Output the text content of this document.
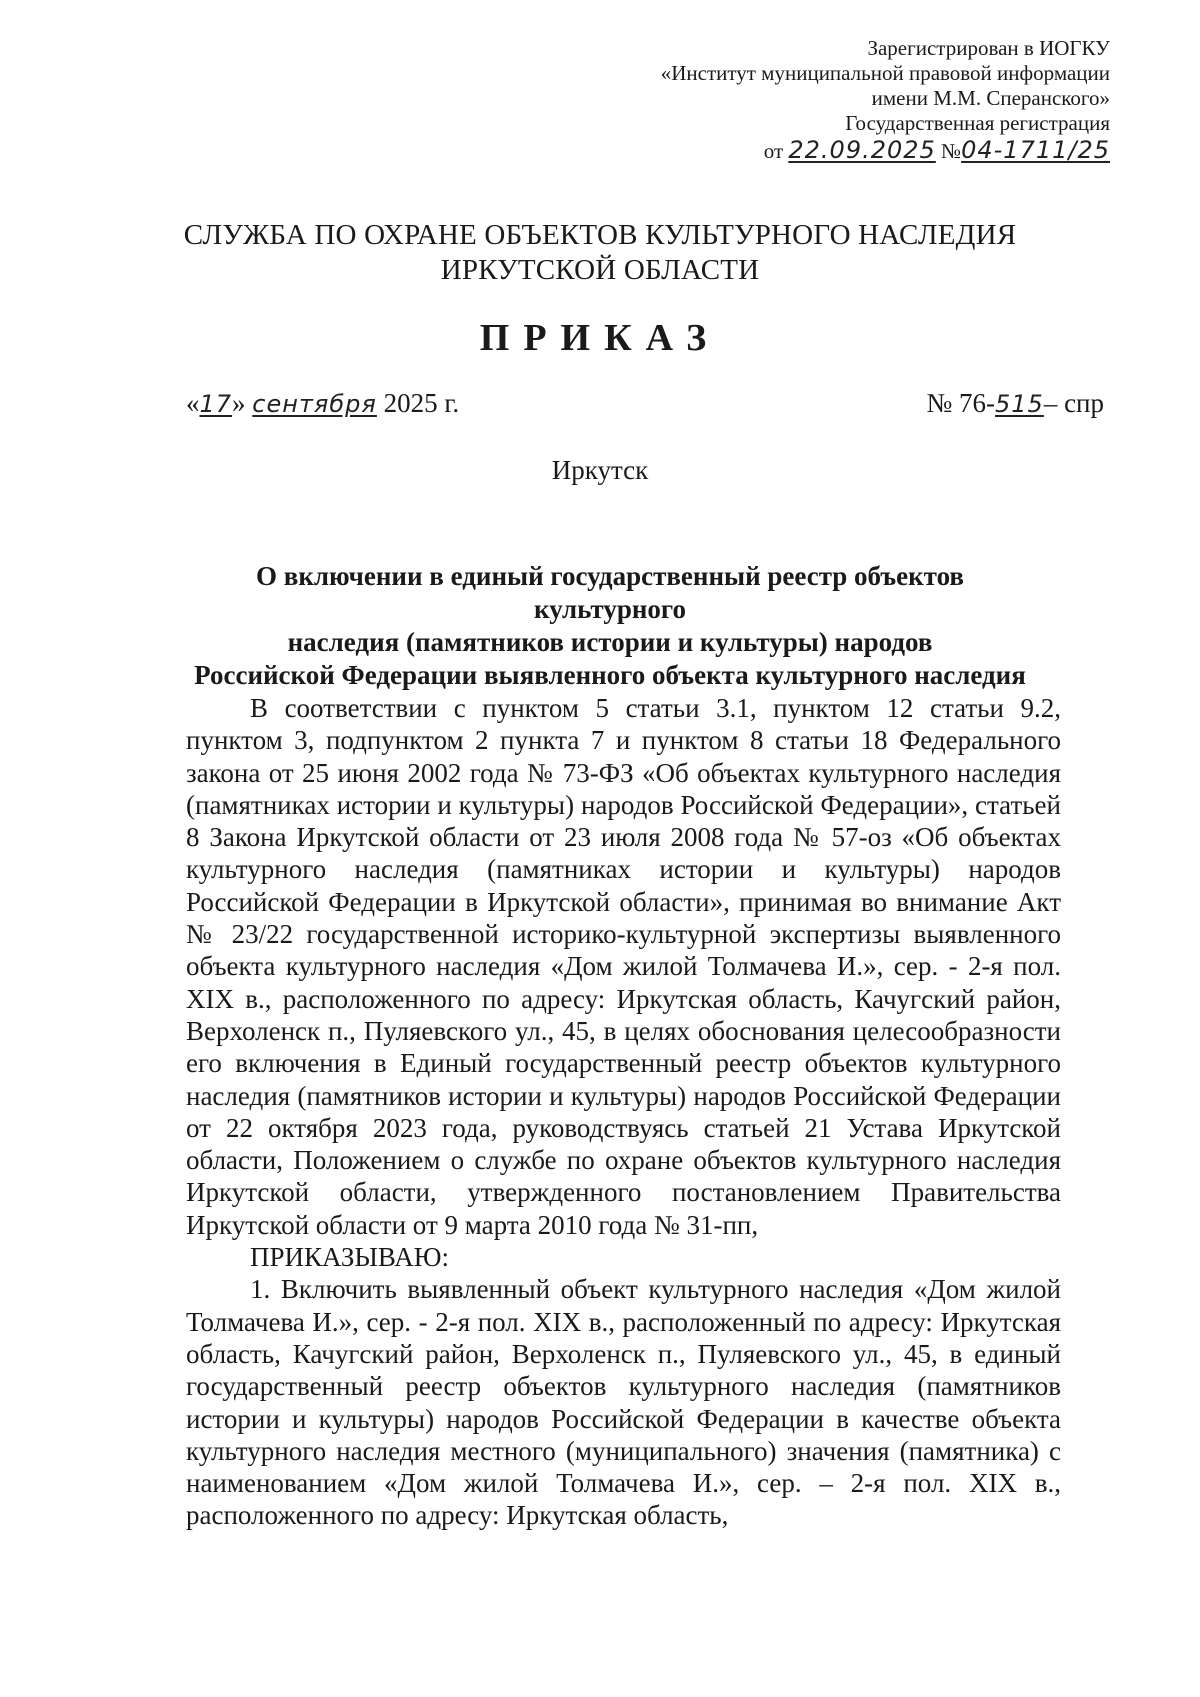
Зарегистрирован в ИОГКУ
«Институт муниципальной правовой информации
имени М.М. Сперанского»
Государственная регистрация
от 22.09.2025 №04-1711/25
СЛУЖБА ПО ОХРАНЕ ОБЪЕКТОВ КУЛЬТУРНОГО НАСЛЕДИЯ
ИРКУТСКОЙ ОБЛАСТИ
ПРИКАЗ
«17» сентября 2025 г.	№ 76-515– спр
Иркутск
О включении в единый государственный реестр объектов культурного
наследия (памятников истории и культуры) народов
Российской Федерации выявленного объекта культурного наследия

В соответствии с пунктом 5 статьи 3.1, пунктом 12 статьи 9.2, пунктом 3, подпунктом 2 пункта 7 и пунктом 8 статьи 18 Федерального закона от 25 июня 2002 года № 73-ФЗ «Об объектах культурного наследия (памятниках истории и культуры) народов Российской Федерации», статьей 8 Закона Иркутской области от 23 июля 2008 года № 57-оз «Об объектах культурного наследия (памятниках истории и культуры) народов Российской Федерации в Иркутской области», принимая во внимание Акт № 23/22 государственной историко-культурной экспертизы выявленного объекта культурного наследия «Дом жилой Толмачева И.», сер. - 2-я пол. XIX в., расположенного по адресу: Иркутская область, Качугский район, Верхоленск п., Пуляевского ул., 45, в целях обоснования целесообразности его включения в Единый государственный реестр объектов культурного наследия (памятников истории и культуры) народов Российской Федерации от 22 октября 2023 года, руководствуясь статьей 21 Устава Иркутской области, Положением о службе по охране объектов культурного наследия Иркутской области, утвержденного постановлением Правительства Иркутской области от 9 марта 2010 года № 31-пп,

ПРИКАЗЫВАЮ:

1. Включить выявленный объект культурного наследия «Дом жилой Толмачева И.», сер. - 2-я пол. XIX в., расположенный по адресу: Иркутская область, Качугский район, Верхоленск п., Пуляевского ул., 45, в единый государственный реестр объектов культурного наследия (памятников истории и культуры) народов Российской Федерации в качестве объекта культурного наследия местного (муниципального) значения (памятника) с наименованием «Дом жилой Толмачева И.», сер. – 2-я пол. XIX в., расположенного по адресу: Иркутская область,
